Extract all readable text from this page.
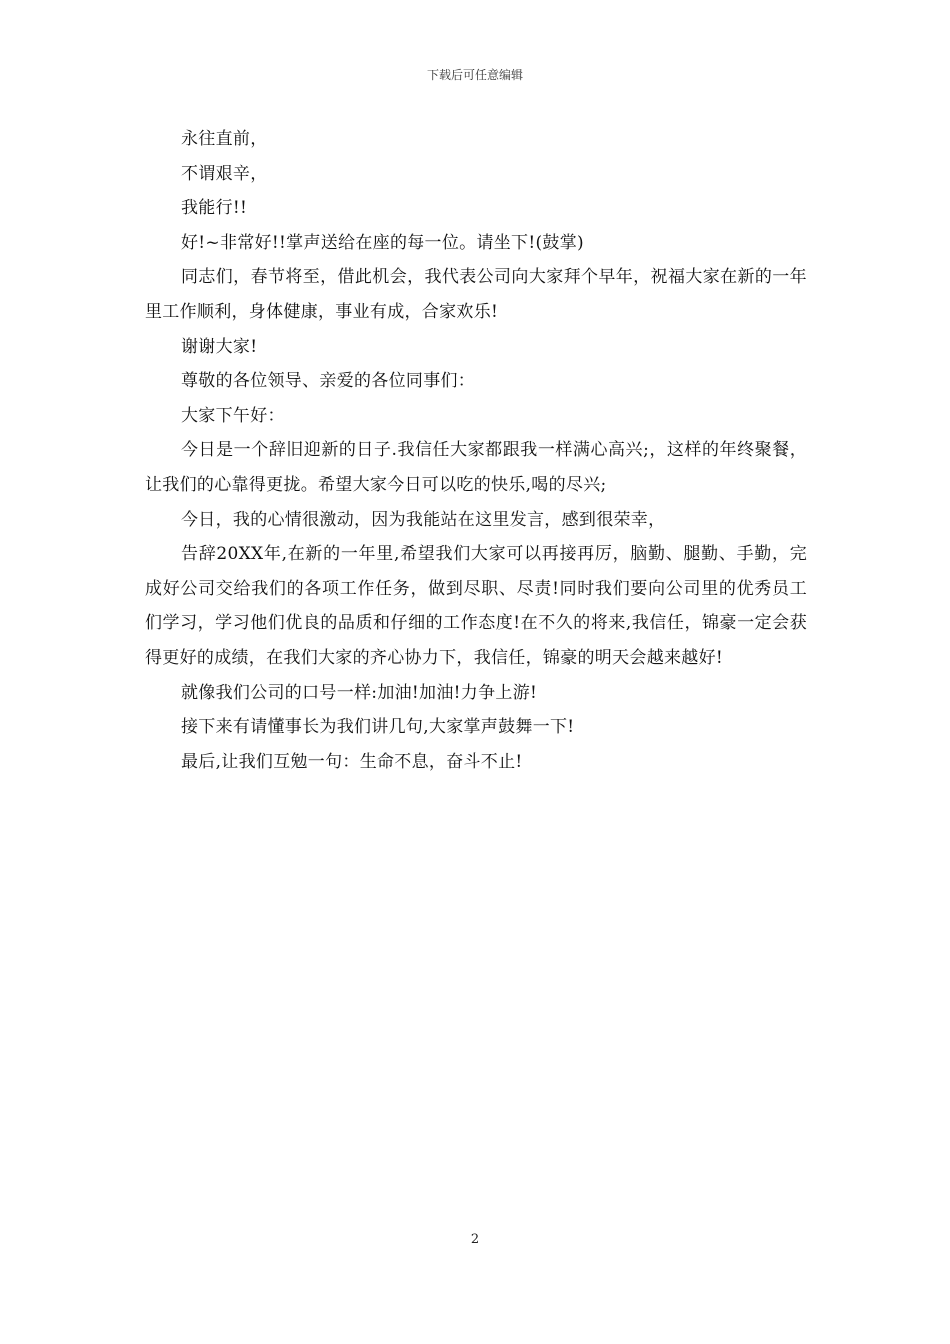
下载后可任意编辑

永往直前，

不谓艰辛，

我能行!!

好!~非常好!!掌声送给在座的每一位。请坐下!(鼓掌)

同志们，春节将至，借此机会，我代表公司向大家拜个早年，祝福大家在新的一年里工作顺利，身体健康，事业有成，合家欢乐!

谢谢大家!

尊敬的各位领导、亲爱的各位同事们：

大家下午好：

今日是一个辞旧迎新的日子.我信任大家都跟我一样满心高兴;，这样的年终聚餐，让我们的心靠得更拢。希望大家今日可以吃的快乐,喝的尽兴;

今日，我的心情很激动，因为我能站在这里发言，感到很荣幸，

告辞20XX年,在新的一年里,希望我们大家可以再接再厉，脑勤、腿勤、手勤，完成好公司交给我们的各项工作任务，做到尽职、尽责!同时我们要向公司里的优秀员工们学习，学习他们优良的品质和仔细的工作态度!在不久的将来,我信任，锦豪一定会获得更好的成绩，在我们大家的齐心协力下，我信任，锦豪的明天会越来越好!

就像我们公司的口号一样:加油!加油!力争上游!

接下来有请懂事长为我们讲几句,大家掌声鼓舞一下!

最后,让我们互勉一句：生命不息，奋斗不止!

2
